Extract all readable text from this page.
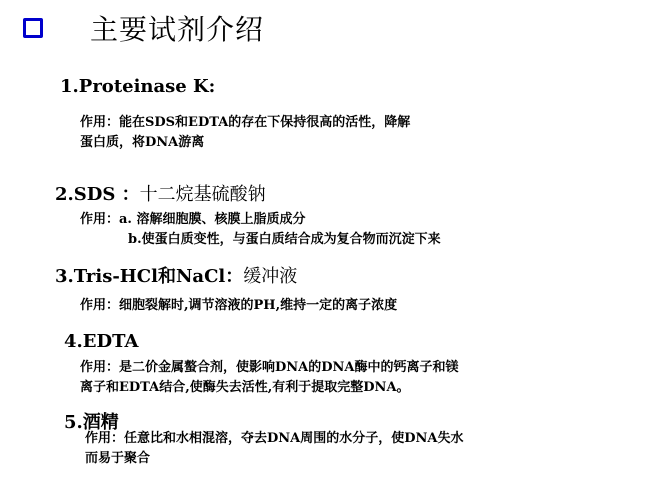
主要试剂介绍
1.Proteinase K:
作用：能在SDS和EDTA的存在下保持很高的活性，降解
蛋白质，将DNA游离
2.SDS ：十二烷基硫酸钠
作用：a. 溶解细胞膜、核膜上脂质成分
b.使蛋白质变性，与蛋白质结合成为复合物而沉淀下来
3.Tris-HCl和NaCl：缓冲液
作用：细胞裂解时,调节溶液的PH,维持一定的离子浓度
4.EDTA
作用：是二价金属螯合剂，使影响DNA的DNA酶中的钙离子和镁
离子和EDTA结合,使酶失去活性,有利于提取完整DNA。
5.酒精
作用：任意比和水相混溶，夺去DNA周围的水分子，使DNA失水
而易于聚合
